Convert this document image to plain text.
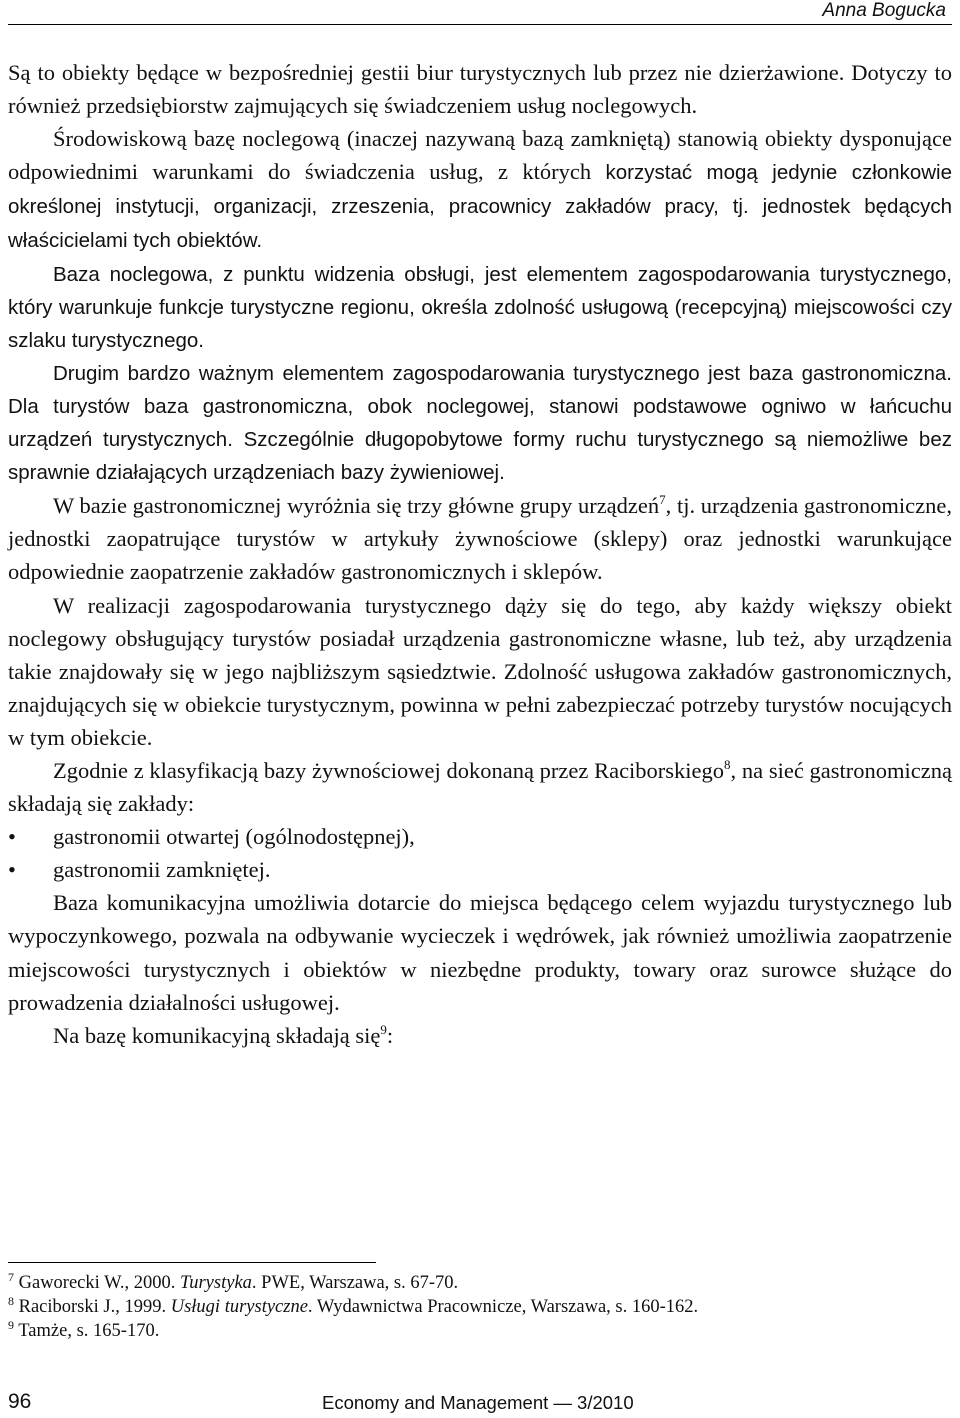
Anna Bogucka

Są to obiekty będące w bezpośredniej gestii biur turystycznych lub przez nie dzierżawione. Dotyczy to również przedsiębiorstw zajmujących się świadczeniem usług noclegowych.

Środowiskową bazę noclegową (inaczej nazywaną bazą zamkniętą) stanowią obiekty dysponujące odpowiednimi warunkami do świadczenia usług, z których korzystać mogą jedynie członkowie określonej instytucji, organizacji, zrzeszenia, pracownicy zakładów pracy, tj. jednostek będących właścicielami tych obiektów.

Baza noclegowa, z punktu widzenia obsługi, jest elementem zagospodarowania turystycznego, który warunkuje funkcje turystyczne regionu, określa zdolność usługową (recepcyjną) miejscowości czy szlaku turystycznego.

Drugim bardzo ważnym elementem zagospodarowania turystycznego jest baza gastronomiczna. Dla turystów baza gastronomiczna, obok noclegowej, stanowi podstawowe ogniwo w łańcuchu urządzeń turystycznych. Szczególnie długopobytowe formy ruchu turystycznego są niemożliwe bez sprawnie działających urządzeniach bazy żywieniowej.

W bazie gastronomicznej wyróżnia się trzy główne grupy urządzeń$^7$, tj. urządzenia gastronomiczne, jednostki zaopatrujące turystów w artykuły żywnościowe (sklepy) oraz jednostki warunkujące odpowiednie zaopatrzenie zakładów gastronomicznych i sklepów.

W realizacji zagospodarowania turystycznego dąży się do tego, aby każdy większy obiekt noclegowy obsługujący turystów posiadał urządzenia gastronomiczne własne, lub też, aby urządzenia takie znajdowały się w jego najbliższym sąsiedztwie. Zdolność usługowa zakładów gastronomicznych, znajdujących się w obiekcie turystycznym, powinna w pełni zabezpieczać potrzeby turystów nocujących w tym obiekcie.

Zgodnie z klasyfikacją bazy żywnościowej dokonaną przez Raciborskiego$^8$, na sieć gastronomiczną składają się zakłady:

• gastronomii otwartej (ogólnodostępnej),
• gastronomii zamkniętej.

Baza komunikacyjna umożliwia dotarcie do miejsca będącego celem wyjazdu turystycznego lub wypoczynkowego, pozwala na odbywanie wycieczek i wędrówek, jak również umożliwia zaopatrzenie miejscowości turystycznych i obiektów w niezbędne produkty, towary oraz surowce służące do prowadzenia działalności usługowej.

Na bazę komunikacyjną składają się$^9$:

$^7$ Gaworecki W., 2000. Turystyka. PWE, Warszawa, s. 67-70.
$^8$ Raciborski J., 1999. Usługi turystyczne. Wydawnictwa Pracownicze, Warszawa, s. 160-162.
$^9$ Tamże, s. 165-170.
96	Economy and Management — 3/2010
